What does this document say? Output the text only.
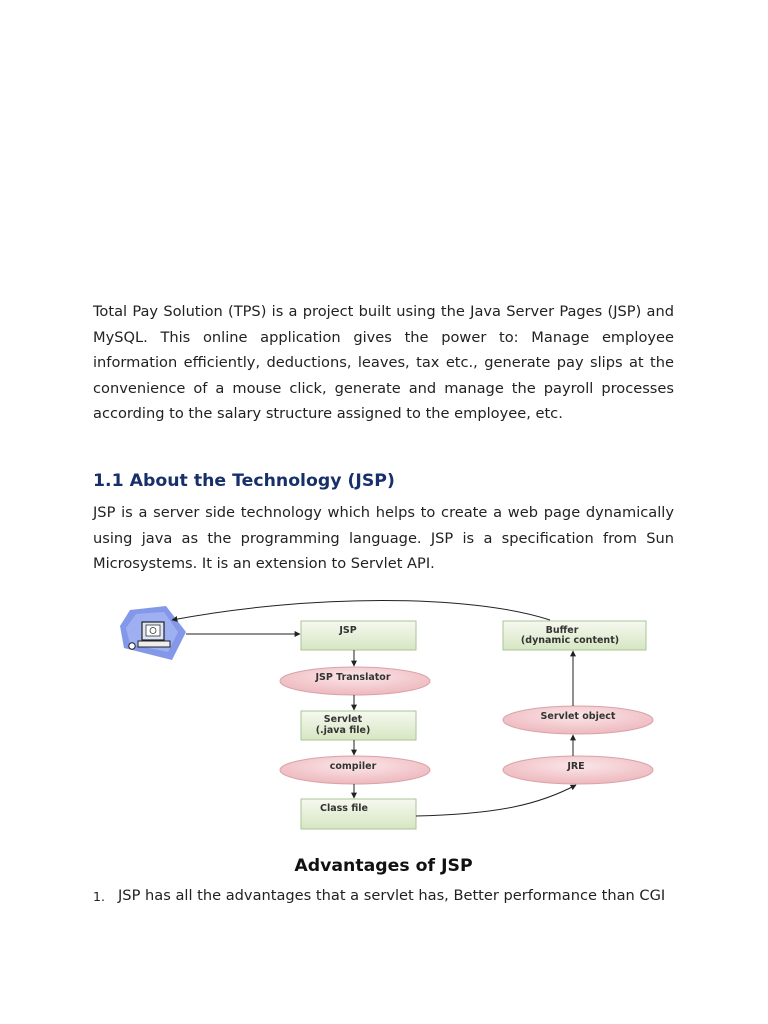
Total Pay Solution (TPS) is a project built using the Java Server Pages (JSP) and MySQL. This online application gives the power to: Manage employee information efficiently, deductions, leaves, tax etc., generate pay slips at the convenience of a mouse click, generate and manage the payroll processes according to the salary structure assigned to the employee, etc.

1.1 About the Technology (JSP)

JSP is a server side technology which helps to create a web page dynamically using java as the programming language. JSP is a specification from Sun Microsystems. It is an extension to Servlet API.

JSP	Buffer
(dynamic content)
Servlet
(.java file)
Class file
JSP Translator
compiler
Servlet object
JRE
Advantages of JSP
1. JSP has all the advantages that a servlet has, Better performance than CGI
